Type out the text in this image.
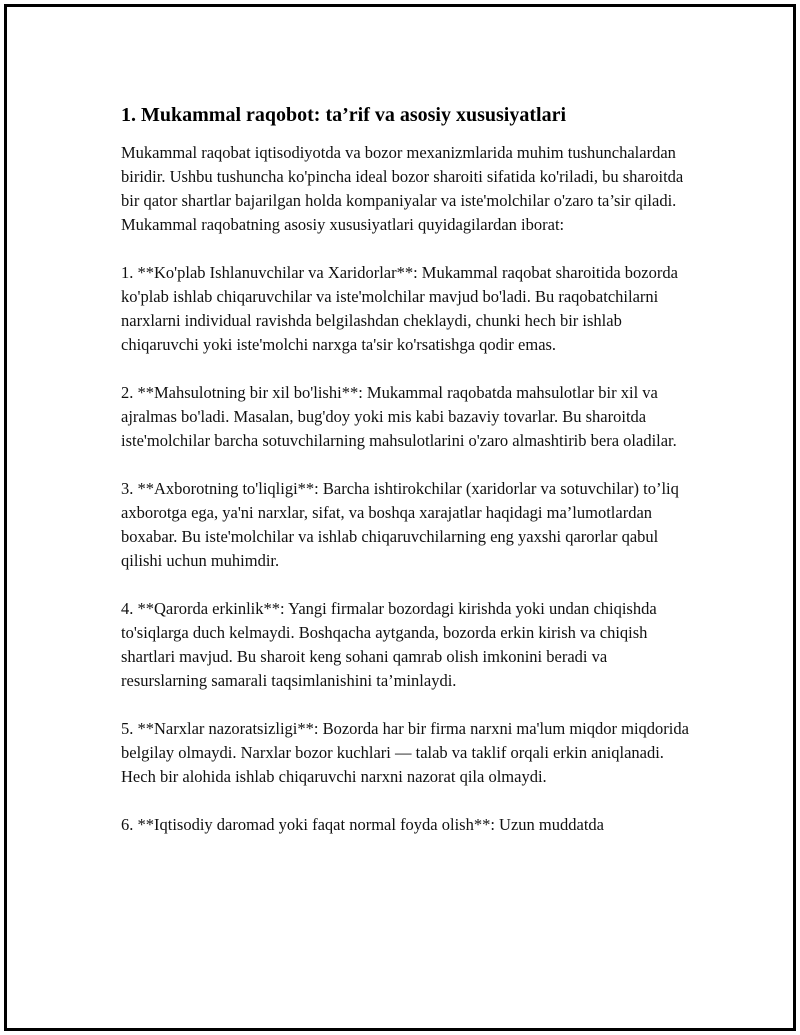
1. Mukammal raqobot: ta’rif va asosiy xususiyatlari

Mukammal raqobat iqtisodiyotda va bozor mexanizmlarida muhim tushunchalardan biridir. Ushbu tushuncha ko'pincha ideal bozor sharoiti sifatida ko'riladi, bu sharoitda bir qator shartlar bajarilgan holda kompaniyalar va iste'molchilar o'zaro ta’sir qiladi. Mukammal raqobatning asosiy xususiyatlari quyidagilardan iborat:

1. **Ko'plab Ishlanuvchilar va Xaridorlar**: Mukammal raqobat sharoitida bozorda ko'plab ishlab chiqaruvchilar va iste'molchilar mavjud bo'ladi. Bu raqobatchilarni narxlarni individual ravishda belgilashdan cheklaydi, chunki hech bir ishlab chiqaruvchi yoki iste'molchi narxga ta'sir ko'rsatishga qodir emas.

2. **Mahsulotning bir xil bo'lishi**: Mukammal raqobatda mahsulotlar bir xil va ajralmas bo'ladi. Masalan, bug'doy yoki mis kabi bazaviy tovarlar. Bu sharoitda iste'molchilar barcha sotuvchilarning mahsulotlarini o'zaro almashtirib bera oladilar.

3. **Axborotning to'liqligi**: Barcha ishtirokchilar (xaridorlar va sotuvchilar) to’liq axborotga ega, ya'ni narxlar, sifat, va boshqa xarajatlar haqidagi ma’lumotlardan boxabar. Bu iste'molchilar va ishlab chiqaruvchilarning eng yaxshi qarorlar qabul qilishi uchun muhimdir.

4. **Qarorda erkinlik**: Yangi firmalar bozordagi kirishda yoki undan chiqishda to'siqlarga duch kelmaydi. Boshqacha aytganda, bozorda erkin kirish va chiqish shartlari mavjud. Bu sharoit keng sohani qamrab olish imkonini beradi va resurslarning samarali taqsimlanishini ta’minlaydi.

5. **Narxlar nazoratsizligi**: Bozorda har bir firma narxni ma'lum miqdor miqdorida belgilay olmaydi. Narxlar bozor kuchlari — talab va taklif orqali erkin aniqlanadi. Hech bir alohida ishlab chiqaruvchi narxni nazorat qila olmaydi.

6. **Iqtisodiy daromad yoki faqat normal foyda olish**: Uzun muddatda
